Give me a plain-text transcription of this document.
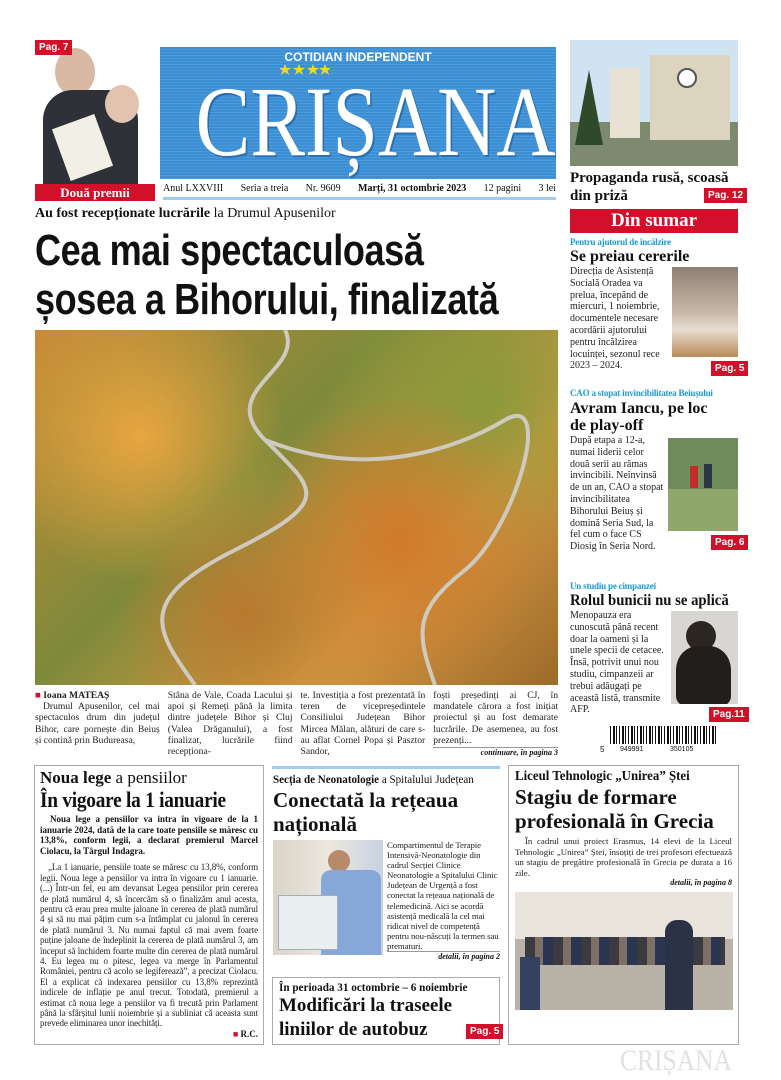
Pag. 7
Două premii
COTIDIAN INDEPENDENT
CRIȘANA
Anul LXXVIII Seria a treia Nr. 9609 Marți, 31 octombrie 2023 12 pagini 3 lei
Propaganda rusă, scoasă din priză	Pag. 12
Din sumar
Pentru ajutorul de încălzire
Se preiau cererile
Direcția de Asistență Socială Oradea va prelua, începând de miercuri, 1 noiembrie, documentele necesare acordării ajutorului pentru încălzirea locuinței, sezonul rece 2023 – 2024.	Pag. 5
CAO a stopat invincibilitatea Beiușului
Avram Iancu, pe loc de play-off
După etapa a 12-a, numai liderii celor două serii au rămas invincibili. Neînvinsă de un an, CAO a stopat invincibilitatea Bihorului Beiuș și domină Seria Sud, la fel cum o face CS Diosig în Seria Nord.	Pag. 6
Un studiu pe cimpanzei
Rolul bunicii nu se aplică
Menopauza era cunoscută până recent doar la oameni și la unele specii de cetacee. Însă, potrivit unui nou studiu, cimpanzeii ar trebui adăugați pe această listă, transmite AFP.	Pag.11
5 949991	350105
Au fost recepționate lucrările la Drumul Apusenilor
Cea mai spectaculoasă
șosea a Bihorului, finalizată
■ Ioana MATEAȘ
Drumul Apusenilor, cel mai spectaculos drum din județul Bihor, care pornește din Beiuș și contină prin Budureasa,
Stâna de Vale, Coada Lacului și apoi și Remeți până la limita dintre județele Bihor și Cluj (Valea Drăganului), a fost finalizat, lucrările fiind recepționa-
te. Investiția a fost prezentată în teren de vicepreședintele Consiliului Județean Bihor Mircea Mălan, alături de care s-au aflat Cornel Popa și Pasztor Sandor,
foști președinți ai CJ, în mandatele cărora a fost inițiat proiectul și au fost demarate lucrările. De asemenea, au fost prezenți...
continuare, în pagina 3
Noua lege a pensiilor
În vigoare la 1 ianuarie
Noua lege a pensiilor va intra în vigoare de la 1 ianuarie 2024, dată de la care toate pensiile se măresc cu 13,8%, conform legii, a declarat premierul Marcel Ciolacu, la Târgul Indagra.
„La 1 ianuarie, pensiile toate se măresc cu 13,8%, conform legii. Noua lege a pensiilor va intra în vigoare cu 1 ianuarie. (...) Într-un fel, eu am devansat Legea pensiilor prin cererea de plată numărul 4, să încercăm să o finalizăm anul acesta, pentru că erau prea multe jaloane în cererea de plată numărul 4 și să nu mai pățim cum s-a întâmplat cu jalonul în cererea de plată numărul 3. Nu numai faptul că mai avem foarte puține jaloane de îndeplinit la cererea de plată numărul 3, am început să închidem foarte multe din cererea de plată numărul 4. Eu legea nu o pitesc, legea va merge în Parlamentul României, pentru că acolo se legiferează”, a precizat Ciolacu. El a explicat că indexarea pensiilor cu 13,8% reprezintă indicele de inflație pe anul trecut. Totodată, premierul a estimat că noua lege a pensiilor va fi trecută prin Parlament până la sfârșitul lunii noiembrie și a subliniat că aceasta sunt prevede eliminarea unor inechități.
■ R.C.
Secția de Neonatologie a Spitalului Județean
Conectată la rețeaua națională
Compartimentul de Terapie Intensivă-Neonatologie din cadrul Secției Clinice Neonatologie a Spitalului Clinic Județean de Urgență a fost conectat la rețeaua națională de telemedicină. Aici se acordă asistență medicală la cel mai ridicat nivel de competență pentru nou-născuți la termen sau prematuri.
detalii, în pagina 2
În perioada 31 octombrie – 6 noiembrie
Modificări la traseele liniilor de autobuz	Pag. 5
Liceul Tehnologic „Unirea” Ștei
Stagiu de formare profesională în Grecia
În cadrul unui proiect Erasmus, 14 elevi de la Liceul Tehnologic „Unirea” Ștei, însoțiți de trei profesori efectuează un stagiu de pregătire profesională în Grecia pe durata a 16 zile.
detalii, în pagina 8
CRIȘANA
